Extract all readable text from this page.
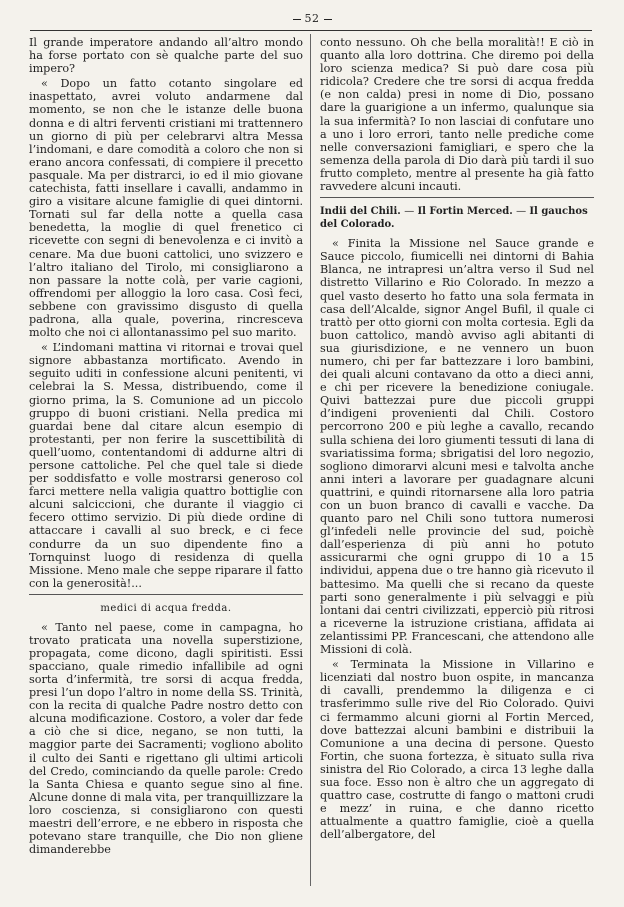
52

Il grande imperatore andando all’altro mondo ha forse portato con sè qualche parte del suo impero?

« Dopo un fatto cotanto singolare ed inaspettato, avrei voluto andarmene dal momento, se non che le istanze delle buona donna e di altri ferventi cristiani mi trattennero un giorno di più per celebrarvi altra Messa l’indomani, e dare comodità a coloro che non si erano ancora confessati, di compiere il precetto pasquale. Ma per distrarci, io ed il mio giovane catechista, fatti insellare i cavalli, andammo in giro a visitare alcune famiglie di quei dintorni. Tornati sul far della notte a quella casa benedetta, la moglie di quel frenetico ci ricevette con segni di benevolenza e ci invitò a cenare. Ma due buoni cattolici, uno svizzero e l’altro italiano del Tirolo, mi consigliarono a non passare la notte colà, per varie cagioni, offrendomi per alloggio la loro casa. Così feci, sebbene con gravissimo disgusto di quella padrona, alla quale, poverina, rincresceva molto che noi ci allontanassimo pel suo marito.

« L’indomani mattina vi ritornai e trovai quel signore abbastanza mortificato. Avendo in seguito uditi in confessione alcuni penitenti, vi celebrai la S. Messa, distribuendo, come il giorno prima, la S. Comunione ad un piccolo gruppo di buoni cristiani. Nella predica mi guardai bene dal citare alcun esempio di protestanti, per non ferire la suscettibilità di quell’uomo, contentandomi di addurne altri di persone cattoliche. Pel che quel tale si diede per soddisfatto e volle mostrarsi generoso col farci mettere nella valigia quattro bottiglie con alcuni salciccioni, che durante il viaggio ci fecero ottimo servizio. Di più diede ordine di attaccare i cavalli al suo breck, e ci fece condurre da un suo dipendente fino a Tornquinst luogo di residenza di quella Missione. Meno male che seppe riparare il fatto con la generosità!...

medici di acqua fredda.

« Tanto nel paese, come in campagna, ho trovato praticata una novella superstizione, propagata, come dicono, dagli spiritisti. Essi spacciano, quale rimedio infallibile ad ogni sorta d’infermità, tre sorsi di acqua fredda, presi l’un dopo l’altro in nome della SS. Trinità, con la recita di qualche Padre nostro detto con alcuna modificazione. Costoro, a voler dar fede a ciò che si dice, negano, se non tutti, la maggior parte dei Sacramenti; vogliono abolito il culto dei Santi e rigettano gli ultimi articoli del Credo, cominciando da quelle parole: Credo la Santa Chiesa e quanto segue sino al fine. Alcune donne di mala vita, per tranquillizzare la loro coscienza, si consigliarono con questi maestri dell’errore, e ne ebbero in risposta che potevano stare tranquille, che Dio non gliene dimanderebbe

conto nessuno. Oh che bella moralità!! E ciò in quanto alla loro dottrina. Che diremo poi della loro scienza medica? Si può dare cosa più ridicola? Credere che tre sorsi di acqua fredda (e non calda) presi in nome di Dio, possano dare la guarigione a un infermo, qualunque sia la sua infermità? Io non lasciai di confutare uno a uno i loro errori, tanto nelle prediche come nelle conversazioni famigliari, e spero che la semenza della parola di Dio darà più tardi il suo frutto completo, mentre al presente ha già fatto ravvedere alcuni incauti.

Indii del Chili. — Il Fortin Merced. — Il gauchos del Colorado.

« Finita la Missione nel Sauce grande e Sauce piccolo, fiumicelli nei dintorni di Bahia Blanca, ne intrapresi un’altra verso il Sud nel distretto Villarino e Rio Colorado. In mezzo a quel vasto deserto ho fatto una sola fermata in casa dell’Alcalde, signor Angel Bufil, il quale ci trattò per otto giorni con molta cortesia. Egli da buon cattolico, mandò avviso agli abitanti di sua giurisdizione, e ne vennero un buon numero, chi per far battezzare i loro bambini, dei quali alcuni contavano da otto a dieci anni, e chi per ricevere la benedizione coniugale. Quivi battezzai pure due piccoli gruppi d’indigeni provenienti dal Chili. Costoro percorrono 200 e più leghe a cavallo, recando sulla schiena dei loro giumenti tessuti di lana di svariatissima forma; sbrigatisi del loro negozio, sogliono dimorarvi alcuni mesi e talvolta anche anni interi a lavorare per guadagnare alcuni quattrini, e quindi ritornarsene alla loro patria con un buon branco di cavalli e vacche. Da quanto paro nel Chili sono tuttora numerosi gl’infedeli nelle provincie del sud, poichè dall’esperienza di più anni ho potuto assicurarmi che ogni gruppo di 10 a 15 individui, appena due o tre hanno già ricevuto il battesimo. Ma quelli che si recano da queste parti sono generalmente i più selvaggi e più lontani dai centri civilizzati, epperciò più ritrosi a riceverne la istruzione cristiana, affidata ai zelantissimi PP. Francescani, che attendono alle Missioni di colà.

« Terminata la Missione in Villarino e licenziati dal nostro buon ospite, in mancanza di cavalli, prendemmo la diligenza e ci trasferimmo sulle rive del Rio Colorado. Quivi ci fermammo alcuni giorni al Fortin Merced, dove battezzai alcuni bambini e distribuii la Comunione a una decina di persone. Questo Fortin, che suona fortezza, è situato sulla riva sinistra del Rio Colorado, a circa 13 leghe dalla sua foce. Esso non è altro che un aggregato di quattro case, costrutte di fango o mattoni crudi e mezz’ in ruina, e che danno ricetto attualmente a quattro famiglie, cioè a quella dell’albergatore, del
